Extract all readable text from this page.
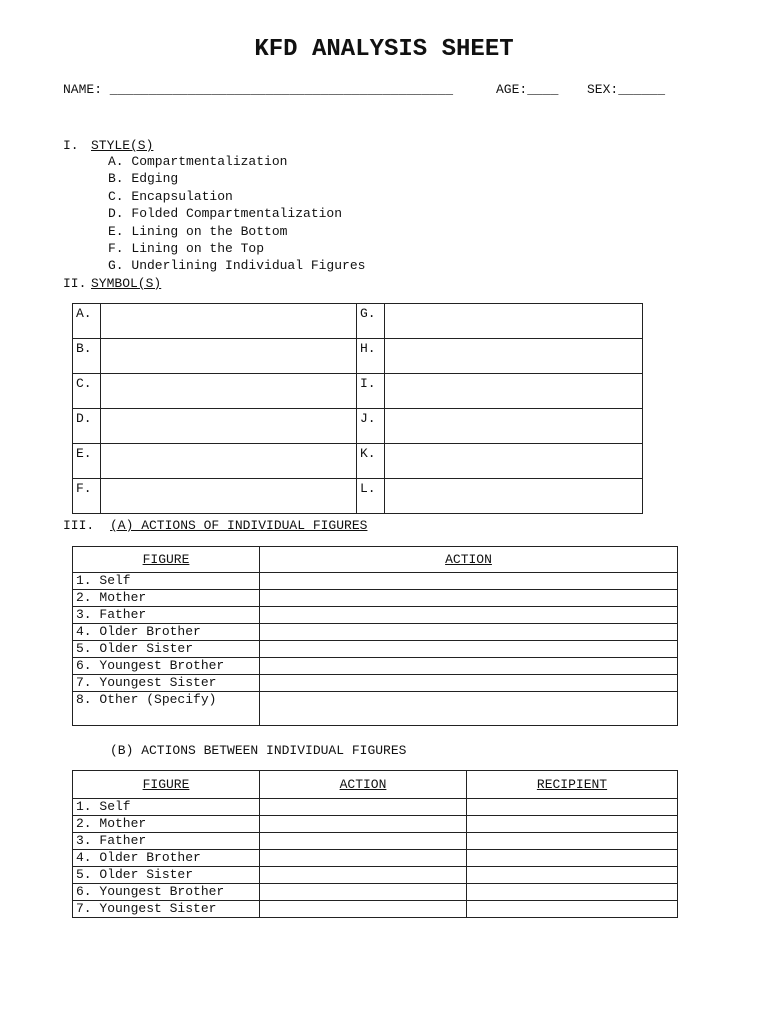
KFD ANALYSIS SHEET
NAME: ____________________________________________	AGE:____ SEX:______
I. STYLE(S)
A. Compartmentalization
B. Edging
C. Encapsulation
D. Folded Compartmentalization
E. Lining on the Bottom
F. Lining on the Top
G. Underlining Individual Figures
II. SYMBOL(S)
A.		G.	
B.		H.	
C.		I.	
D.		J.	
E.		K.	
F.		L.	
III. (A) ACTIONS OF INDIVIDUAL FIGURES
FIGURE	ACTION
1. Self	
2. Mother	
3. Father	
4. Older Brother	
5. Older Sister	
6. Youngest Brother	
7. Youngest Sister	
8. Other (Specify)	
(B) ACTIONS BETWEEN INDIVIDUAL FIGURES
FIGURE	ACTION	RECIPIENT
1. Self		
2. Mother		
3. Father		
4. Older Brother		
5. Older Sister		
6. Youngest Brother		
7. Youngest Sister		
